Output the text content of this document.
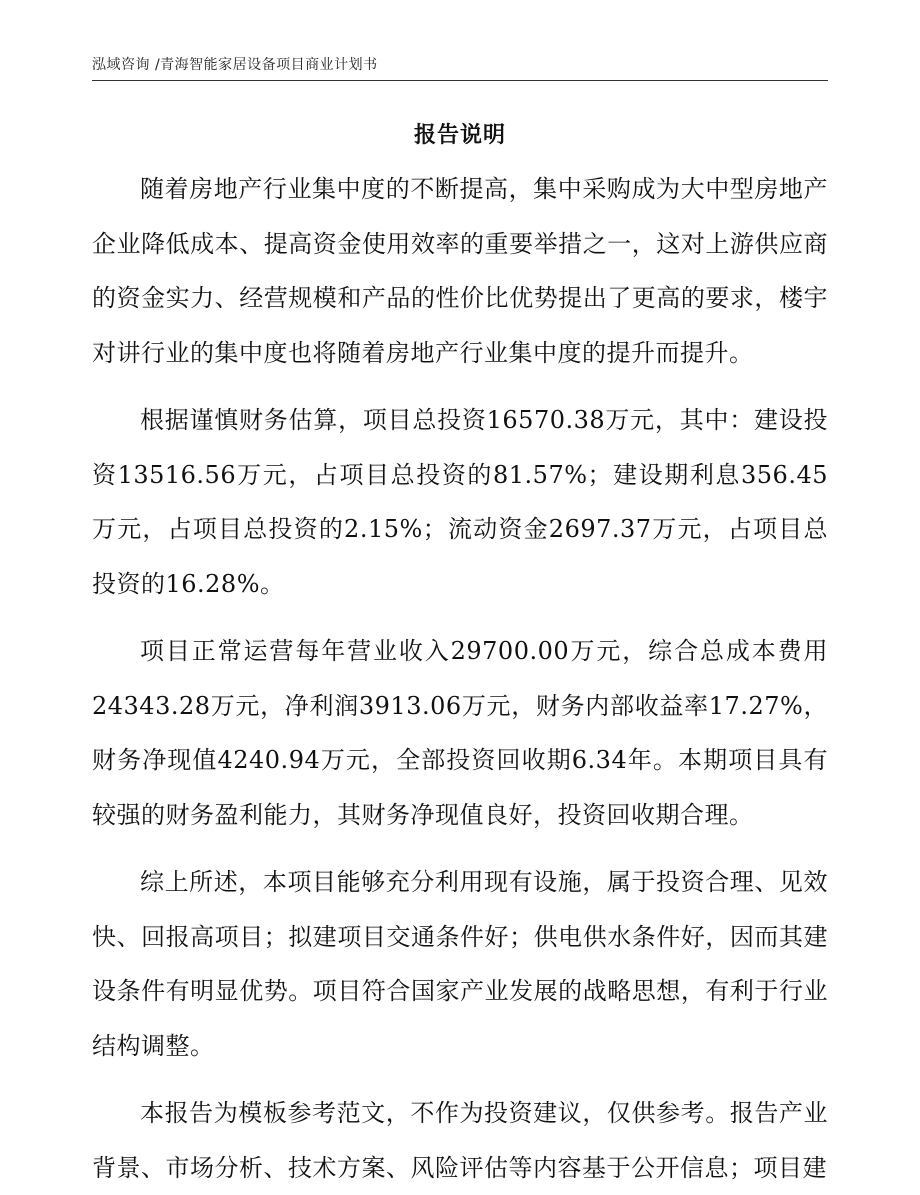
泓域咨询 /青海智能家居设备项目商业计划书
报告说明

随着房地产行业集中度的不断提高，集中采购成为大中型房地产企业降低成本、提高资金使用效率的重要举措之一，这对上游供应商的资金实力、经营规模和产品的性价比优势提出了更高的要求，楼宇对讲行业的集中度也将随着房地产行业集中度的提升而提升。

根据谨慎财务估算，项目总投资16570.38万元，其中：建设投资13516.56万元，占项目总投资的81.57%；建设期利息356.45万元，占项目总投资的2.15%；流动资金2697.37万元，占项目总投资的16.28%。

项目正常运营每年营业收入29700.00万元，综合总成本费用24343.28万元，净利润3913.06万元，财务内部收益率17.27%，财务净现值4240.94万元，全部投资回收期6.34年。本期项目具有较强的财务盈利能力，其财务净现值良好，投资回收期合理。

综上所述，本项目能够充分利用现有设施，属于投资合理、见效快、回报高项目；拟建项目交通条件好；供电供水条件好，因而其建设条件有明显优势。项目符合国家产业发展的战略思想，有利于行业结构调整。

本报告为模板参考范文，不作为投资建议，仅供参考。报告产业背景、市场分析、技术方案、风险评估等内容基于公开信息；项目建
